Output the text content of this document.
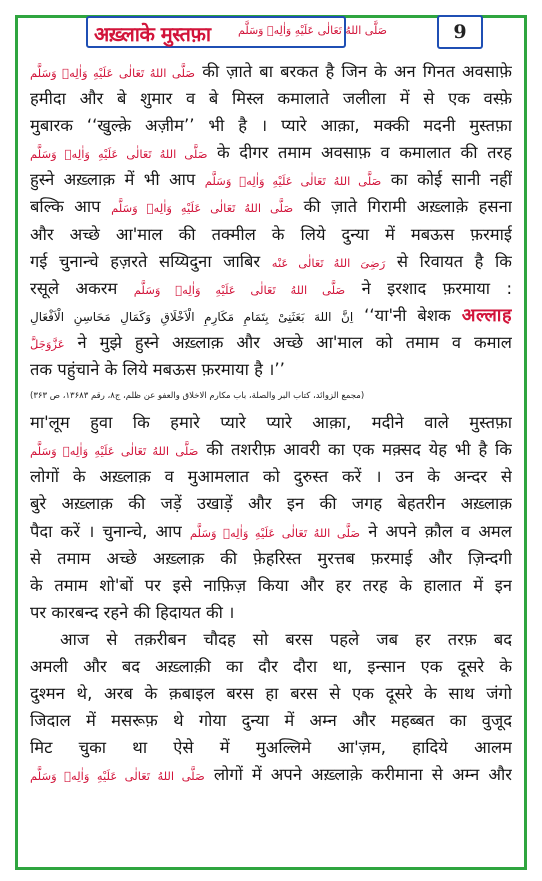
अख़्लाके मुस्तफ़ा صَلَّى اللهُ تَعَالٰى عَلَيْهِ وَاٰلِهٖ وَسَلَّم	9
صَلَّى اللهُ تَعَالٰى عَلَيْهِ وَاٰلِهٖ وَسَلَّم की ज़ाते बा बरकत है जिन के अन गिनत अवसाफ़े
हमीदा और बे शुमार व बे मिस्ल कमालाते जलीला में से एक वस्फ़े
मुबारक ‘‘खुल्क़े अज़ीम’’ भी है । प्यारे आक़ा, मक्की मदनी मुस्तफ़ा
صَلَّى اللهُ تَعَالٰى عَلَيْهِ وَاٰلِهٖ وَسَلَّم के दीगर तमाम अवसाफ़ व कमालात की तरह
हुस्ने अख़्लाक़ में भी आप صَلَّى اللهُ تَعَالٰى عَلَيْهِ وَاٰلِهٖ وَسَلَّم का कोई सानी नहीं
बल्कि आप صَلَّى اللهُ تَعَالٰى عَلَيْهِ وَاٰلِهٖ وَسَلَّم की ज़ाते गिरामी अख़्लाक़े हसना
और अच्छे आ'माल की तक्मील के लिये दुन्या में मबऊस फ़रमाई
गई चुनान्चे हज़रते सय्यिदुना जाबिर رَضِیَ اللهُ تَعَالٰی عَنْه से रिवायत है कि
रसूले अकरम صَلَّى اللهُ تَعَالٰى عَلَيْهِ وَاٰلِهٖ وَسَلَّم ने इरशाद फ़रमाया :
اِنَّ اللهَ بَعَثَنِیْ بِتَمَامِ مَكَارِمِ الْاَخْلَاقِ وَكَمَالِ مَحَاسِنِ الْاَفْعَالِ ‘‘या'नी बेशक अल्लाह
عَزَّوَجَلَّ ने मुझे हुस्ने अख़्लाक़ और अच्छे आ'माल को तमाम व कमाल
तक पहुंचाने के लिये मबऊस फ़रमाया है ।’’
(مجمع الزوائد، کتاب البر والصلة، باب مکارم الاخلاق والعفو عن ظلم، ج۸، رقم ۱۳۶۸۳، ص ۳۶۳)
मा'लूम हुवा कि हमारे प्यारे प्यारे आक़ा, मदीने वाले मुस्तफ़ा
صَلَّى اللهُ تَعَالٰى عَلَيْهِ وَاٰلِهٖ وَسَلَّم की तशरीफ़ आवरी का एक मक़्सद येह भी है कि
लोगों के अख़्लाक़ व मुआमलात को दुरुस्त करें । उन के अन्दर से
बुरे अख़्लाक़ की जड़ें उखाड़ें और इन की जगह बेहतरीन अख़्लाक़
पैदा करें । चुनान्चे, आप صَلَّى اللهُ تَعَالٰى عَلَيْهِ وَاٰلِهٖ وَسَلَّم ने अपने क़ौल व अमल
से तमाम अच्छे अख़्लाक़ की फ़ेहरिस्त मुरत्तब फ़रमाई और ज़िन्दगी
के तमाम शो'बों पर इसे नाफ़िज़ किया और हर तरह के हालात में इन
पर कारबन्द रहने की हिदायत की ।
आज से तक़रीबन चौदह सो बरस पहले जब हर तरफ़ बद
अमली और बद अख़्लाक़ी का दौर दौरा था, इन्सान एक दूसरे के
दुश्मन थे, अरब के क़बाइल बरस हा बरस से एक दूसरे के साथ जंगो
जिदाल में मसरूफ़ थे गोया दुन्या में अम्न और महब्बत का वुजूद
मिट चुका था ऐसे में मुअल्लिमे आ'ज़म, हादिये आलम
صَلَّى اللهُ تَعَالٰى عَلَيْهِ وَاٰلِهٖ وَسَلَّم लोगों में अपने अख़्लाक़े करीमाना से अम्न और
